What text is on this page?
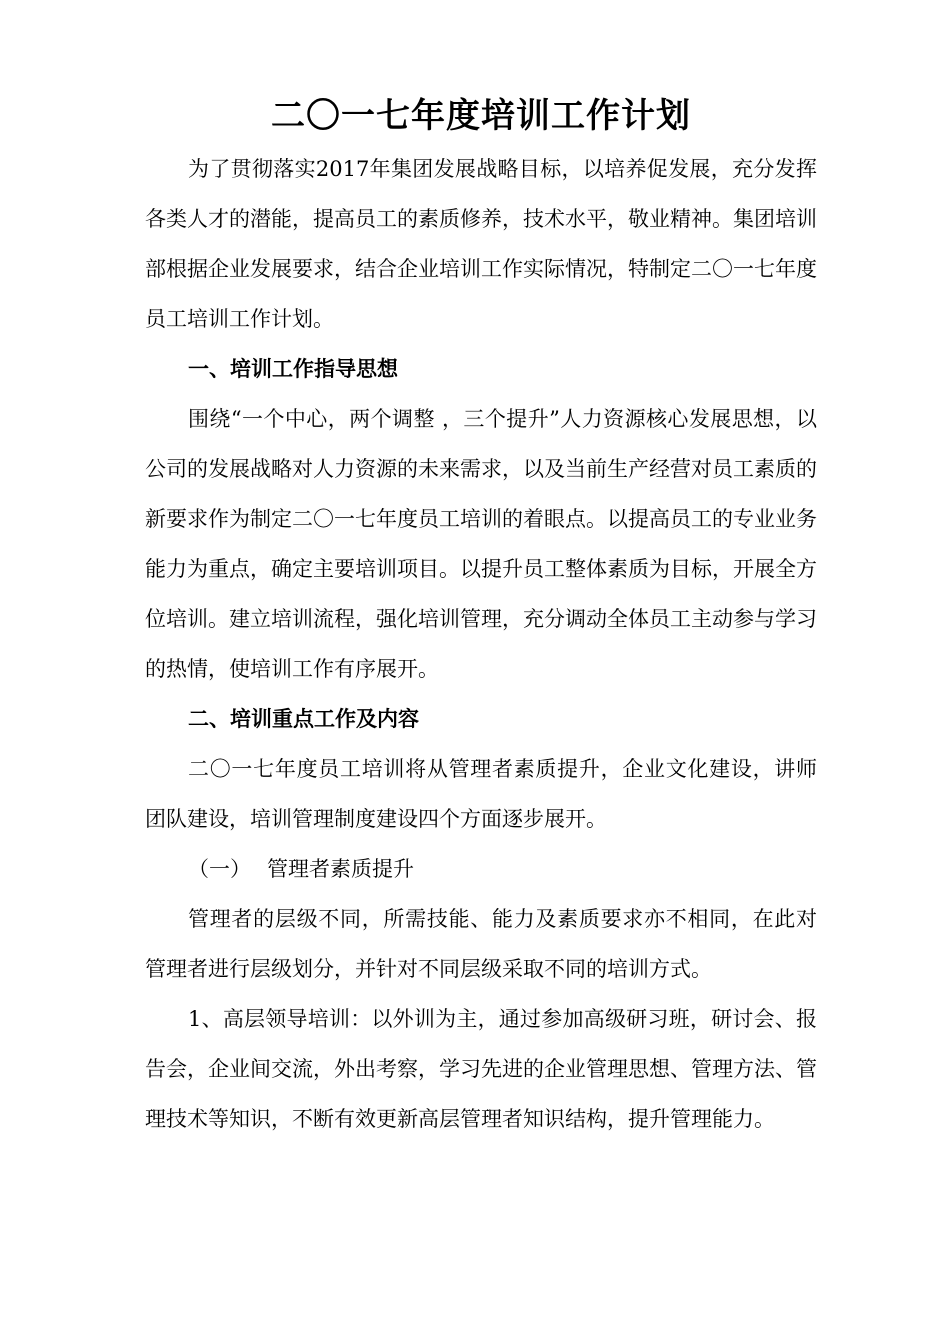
二〇一七年度培训工作计划

为了贯彻落实2017年集团发展战略目标，以培养促发展，充分发挥各类人才的潜能，提高员工的素质修养，技术水平，敬业精神。集团培训部根据企业发展要求，结合企业培训工作实际情况，特制定二〇一七年度员工培训工作计划。

一、培训工作指导思想

围绕“一个中心，两个调整 ，三个提升”人力资源核心发展思想，以公司的发展战略对人力资源的未来需求，以及当前生产经营对员工素质的新要求作为制定二〇一七年度员工培训的着眼点。以提高员工的专业业务能力为重点，确定主要培训项目。以提升员工整体素质为目标，开展全方位培训。建立培训流程，强化培训管理，充分调动全体员工主动参与学习的热情，使培训工作有序展开。

二、培训重点工作及内容

二〇一七年度员工培训将从管理者素质提升，企业文化建设，讲师团队建设，培训管理制度建设四个方面逐步展开。

（一） 管理者素质提升

管理者的层级不同，所需技能、能力及素质要求亦不相同，在此对管理者进行层级划分，并针对不同层级采取不同的培训方式。

1、高层领导培训：以外训为主，通过参加高级研习班，研讨会、报告会，企业间交流，外出考察，学习先进的企业管理思想、管理方法、管理技术等知识，不断有效更新高层管理者知识结构，提升管理能力。
